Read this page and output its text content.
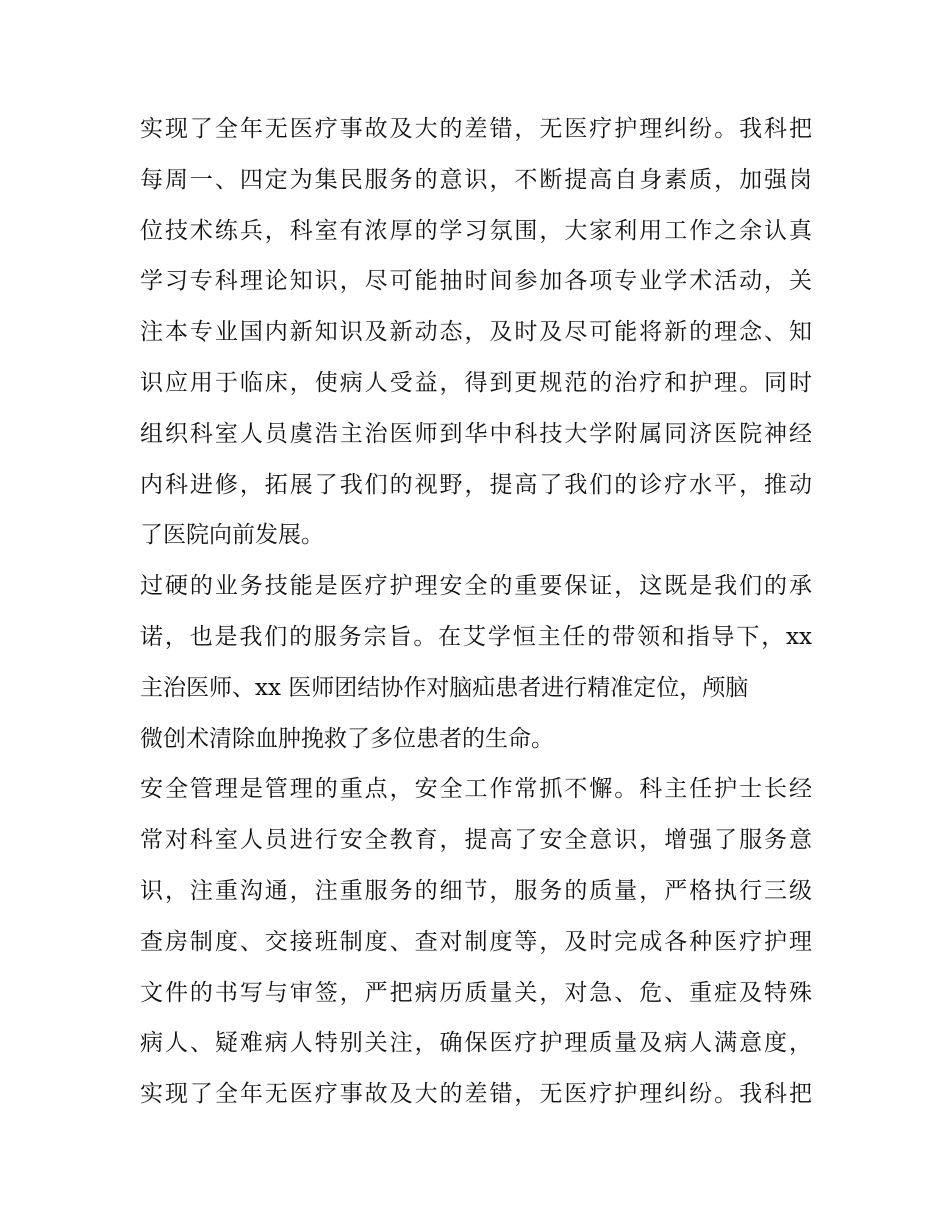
实现了全年无医疗事故及大的差错，无医疗护理纠纷。我科把
每周一、四定为集民服务的意识，不断提高自身素质，加强岗
位技术练兵，科室有浓厚的学习氛围，大家利用工作之余认真
学习专科理论知识，尽可能抽时间参加各项专业学术活动，关
注本专业国内新知识及新动态，及时及尽可能将新的理念、知
识应用于临床，使病人受益，得到更规范的治疗和护理。同时
组织科室人员虞浩主治医师到华中科技大学附属同济医院神经
内科进修，拓展了我们的视野，提高了我们的诊疗水平，推动
了医院向前发展。
过硬的业务技能是医疗护理安全的重要保证，这既是我们的承
诺，也是我们的服务宗旨。在艾学恒主任的带领和指导下，xx
主治医师、xx 医师团结协作对脑疝患者进行精准定位，颅脑
微创术清除血肿挽救了多位患者的生命。
安全管理是管理的重点，安全工作常抓不懈。科主任护士长经
常对科室人员进行安全教育，提高了安全意识，增强了服务意
识，注重沟通，注重服务的细节，服务的质量，严格执行三级
查房制度、交接班制度、查对制度等，及时完成各种医疗护理
文件的书写与审签，严把病历质量关，对急、危、重症及特殊
病人、疑难病人特别关注，确保医疗护理质量及病人满意度，
实现了全年无医疗事故及大的差错，无医疗护理纠纷。我科把
